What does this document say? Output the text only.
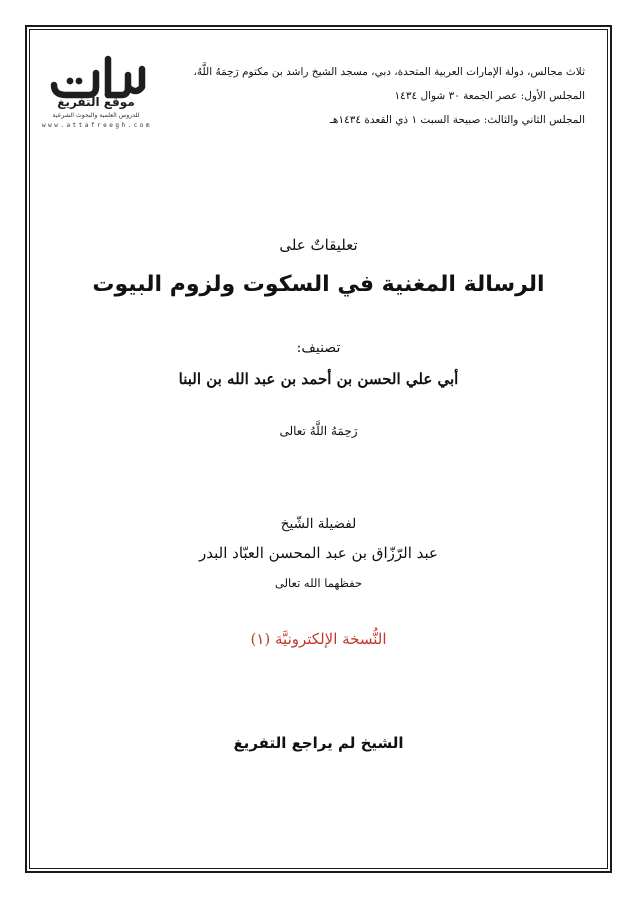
ثلاث مجالس، دولة الإمارات العربية المتحدة، دبي، مسجد الشيخ راشد بن مكتوم رَحِمَهُ اللَّهُ،
المجلس الأول: عصر الجمعة ٣٠ شوال ١٤٣٤
المجلس الثاني والثالث: صبيحة السبت ١ ذي القعدة ١٤٣٤هـ
موقع التفريغ
للدروس العلمية والبحوث الشرعية
www.attafreegh.com
تعليقاتٌ على
الرسالة المغنية في السكوت ولزوم البيوت
تصنيف:
أبي علي الحسن بن أحمد بن عبد الله بن البنا
رَحِمَهُ اللَّهُ تعالى
لفضيلة الشّيخ
عبد الرّزّاق بن عبد المحسن العبّاد البدر
حفظهما الله تعالى
النُّسخة الإلكترونيَّة (١)
الشيخ لم يراجع التفريغ
